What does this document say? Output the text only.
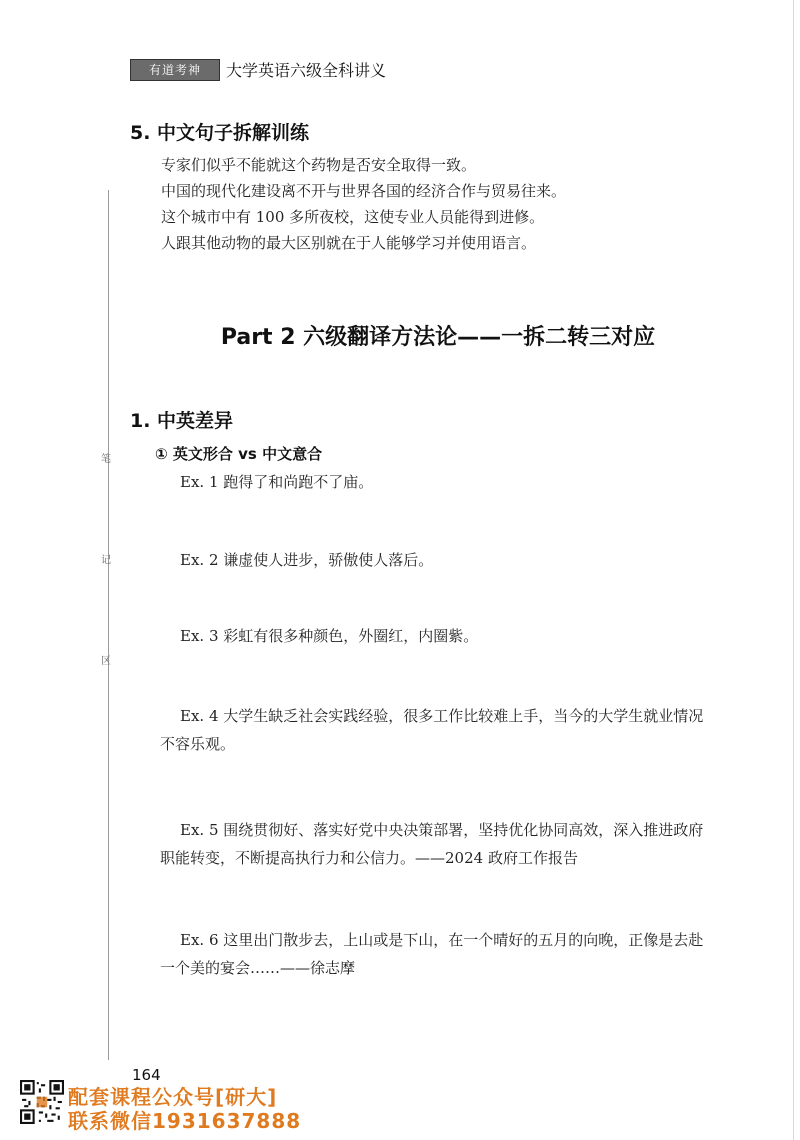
有道考神	大学英语六级全科讲义
5. 中文句子拆解训练
专家们似乎不能就这个药物是否安全取得一致。
中国的现代化建设离不开与世界各国的经济合作与贸易往来。
这个城市中有 100 多所夜校，这使专业人员能得到进修。
人跟其他动物的最大区别就在于人能够学习并使用语言。
Part 2 六级翻译方法论——一拆二转三对应
1. 中英差异
① 英文形合 vs 中文意合
Ex. 1 跑得了和尚跑不了庙。
Ex. 2 谦虚使人进步，骄傲使人落后。
Ex. 3 彩虹有很多种颜色，外圈红，内圈紫。
Ex. 4 大学生缺乏社会实践经验，很多工作比较难上手，当今的大学生就业情况
不容乐观。
Ex. 5 围绕贯彻好、落实好党中央决策部署，坚持优化协同高效，深入推进政府
职能转变，不断提高执行力和公信力。——2024 政府工作报告
Ex. 6 这里出门散步去，上山或是下山，在一个晴好的五月的向晚，正像是去赴
一个美的宴会……——徐志摩
笔
记
区
164
配套课程公众号[研大]
联系微信1931637888
